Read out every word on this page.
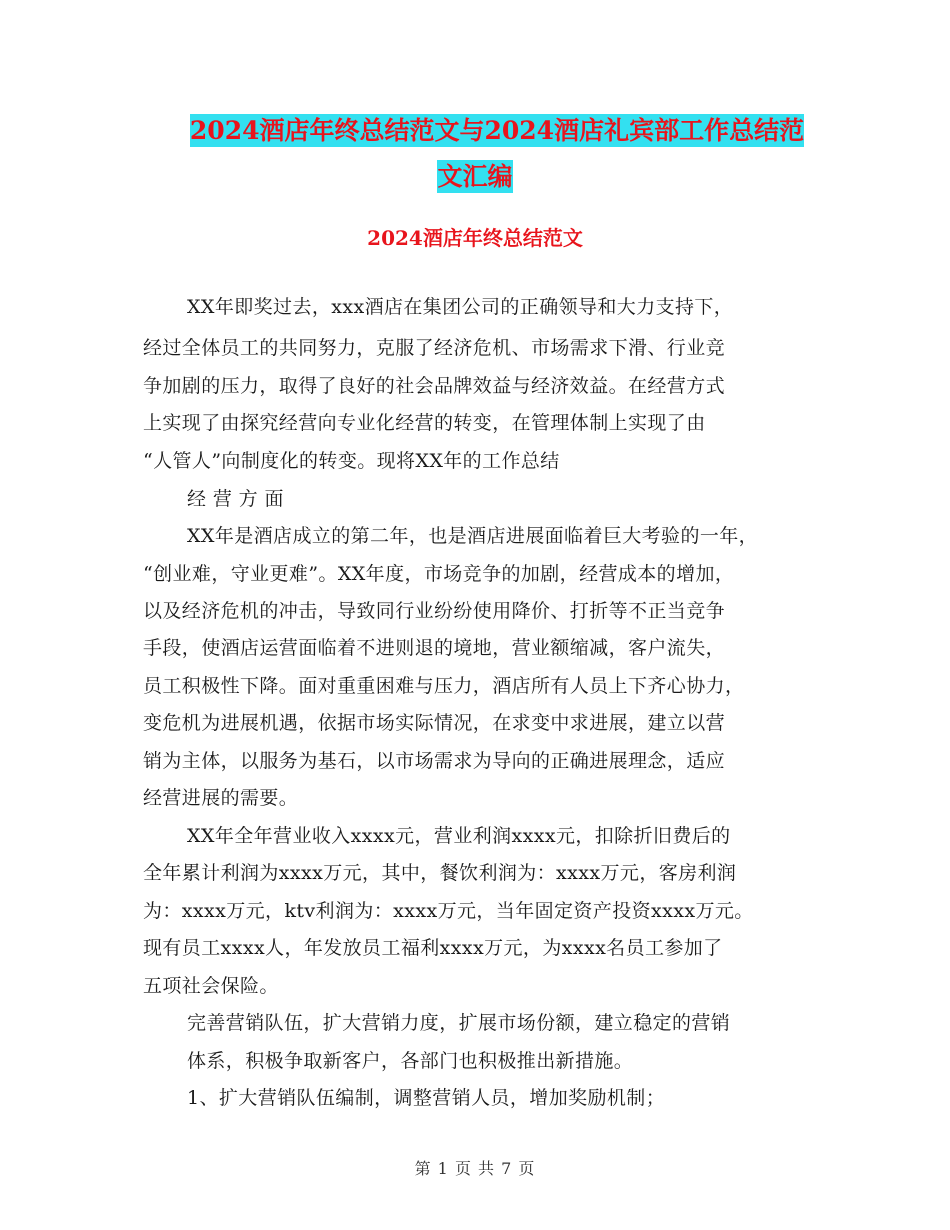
2024酒店年终总结范文与2024酒店礼宾部工作总结范
文汇编
2024酒店年终总结范文
XX年即奖过去，xxx酒店在集团公司的正确领导和大力支持下，
经过全体员工的共同努力，克服了经济危机、市场需求下滑、行业竞
争加剧的压力，取得了良好的社会品牌效益与经济效益。在经营方式
上实现了由探究经营向专业化经营的转变，在管理体制上实现了由
“人管人”向制度化的转变。现将XX年的工作总结
经 营 方 面
XX年是酒店成立的第二年，也是酒店进展面临着巨大考验的一年，
“创业难，守业更难”。XX年度，市场竞争的加剧，经营成本的增加，
以及经济危机的冲击，导致同行业纷纷使用降价、打折等不正当竞争
手段，使酒店运营面临着不进则退的境地，营业额缩减，客户流失，
员工积极性下降。面对重重困难与压力，酒店所有人员上下齐心协力，
变危机为进展机遇，依据市场实际情况，在求变中求进展，建立以营
销为主体，以服务为基石，以市场需求为导向的正确进展理念，适应
经营进展的需要。
XX年全年营业收入xxxx元，营业利润xxxx元，扣除折旧费后的
全年累计利润为xxxx万元，其中，餐饮利润为：xxxx万元，客房利润
为：xxxx万元，ktv利润为：xxxx万元，当年固定资产投资xxxx万元。
现有员工xxxx人，年发放员工福利xxxx万元，为xxxx名员工参加了
五项社会保险。
完善营销队伍，扩大营销力度，扩展市场份额，建立稳定的营销
体系，积极争取新客户，各部门也积极推出新措施。
1、扩大营销队伍编制，调整营销人员，增加奖励机制；
第 1 页 共 7 页
